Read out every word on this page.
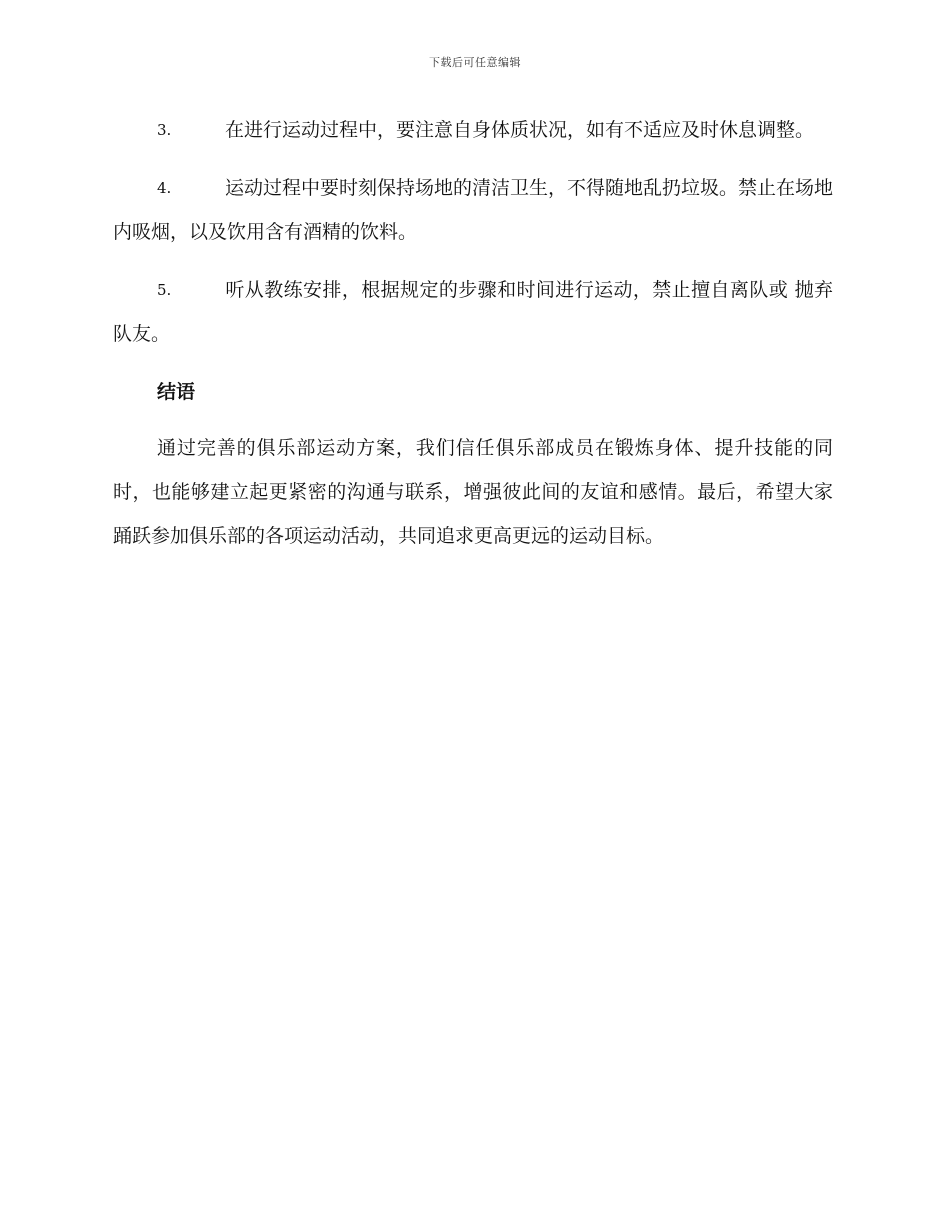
下载后可任意编辑

3.	在进行运动过程中，要注意自身体质状况，如有不适应及时休息调整。

4.	运动过程中要时刻保持场地的清洁卫生，不得随地乱扔垃圾。禁止在场地内吸烟，以及饮用含有酒精的饮料。

5.	听从教练安排，根据规定的步骤和时间进行运动，禁止擅自离队或 抛弃队友。

结语

通过完善的俱乐部运动方案，我们信任俱乐部成员在锻炼身体、提升技能的同时，也能够建立起更紧密的沟通与联系，增强彼此间的友谊和感情。最后，希望大家踊跃参加俱乐部的各项运动活动，共同追求更高更远的运动目标。
